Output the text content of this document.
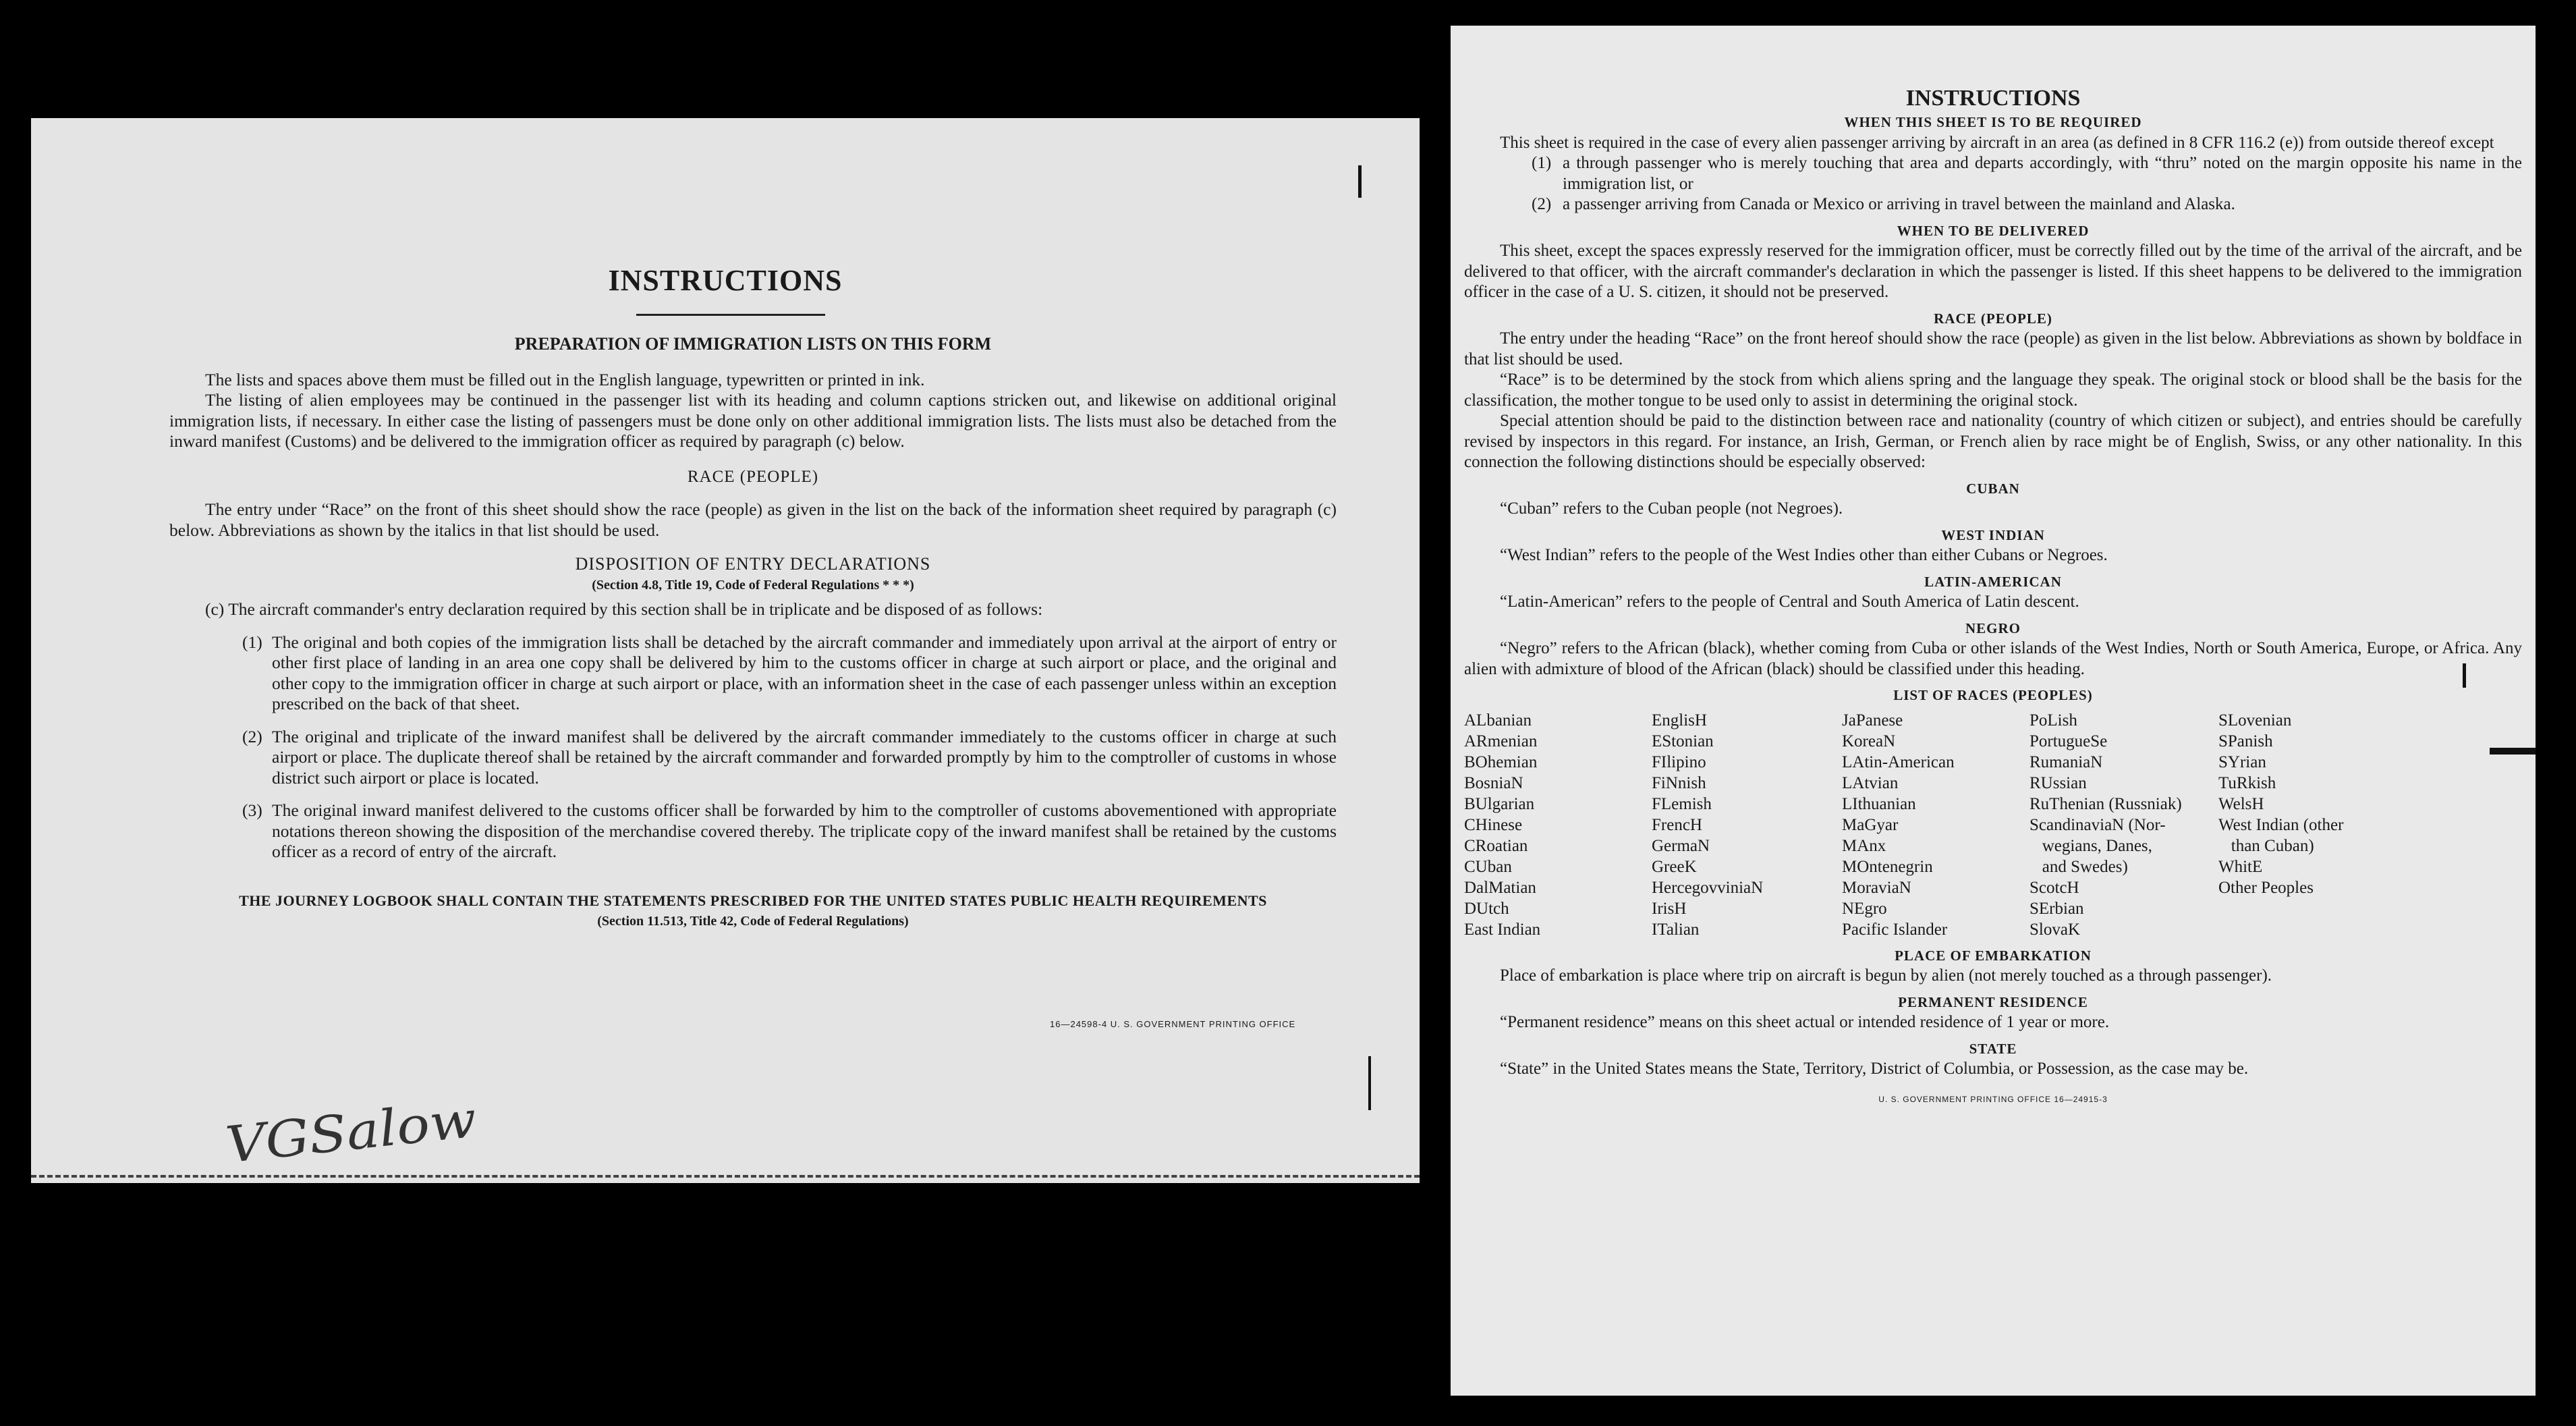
INSTRUCTIONS

PREPARATION OF IMMIGRATION LISTS ON THIS FORM

The lists and spaces above them must be filled out in the English language, typewritten or printed in ink.

The listing of alien employees may be continued in the passenger list with its heading and column captions stricken out, and likewise on additional original immigration lists, if necessary. In either case the listing of passengers must be done only on other additional immigration lists. The lists must also be detached from the inward manifest (Customs) and be delivered to the immigration officer as required by paragraph (c) below.

RACE (PEOPLE)

The entry under “Race” on the front of this sheet should show the race (people) as given in the list on the back of the information sheet required by paragraph (c) below. Abbreviations as shown by the italics in that list should be used.

DISPOSITION OF ENTRY DECLARATIONS

(Section 4.8, Title 19, Code of Federal Regulations * * *)

(c) The aircraft commander's entry declaration required by this section shall be in triplicate and be disposed of as follows:

(1) The original and both copies of the immigration lists shall be detached by the aircraft commander and immediately upon arrival at the airport of entry or other first place of landing in an area one copy shall be delivered by him to the customs officer in charge at such airport or place, and the original and other copy to the immigration officer in charge at such airport or place, with an information sheet in the case of each passenger unless within an exception prescribed on the back of that sheet.
(2) The original and triplicate of the inward manifest shall be delivered by the aircraft commander immediately to the customs officer in charge at such airport or place. The duplicate thereof shall be retained by the aircraft commander and forwarded promptly by him to the comptroller of customs in whose district such airport or place is located.
(3) The original inward manifest delivered to the customs officer shall be forwarded by him to the comptroller of customs abovementioned with appropriate notations thereon showing the disposition of the merchandise covered thereby. The triplicate copy of the inward manifest shall be retained by the customs officer as a record of entry of the aircraft.

THE JOURNEY LOGBOOK SHALL CONTAIN THE STATEMENTS PRESCRIBED FOR THE UNITED STATES PUBLIC HEALTH REQUIREMENTS

(Section 11.513, Title 42, Code of Federal Regulations)

16—24598-4 U. S. GOVERNMENT PRINTING OFFICE
VGSalow

INSTRUCTIONS

WHEN THIS SHEET IS TO BE REQUIRED

This sheet is required in the case of every alien passenger arriving by aircraft in an area (as defined in 8 CFR 116.2 (e)) from outside thereof except

(1) a through passenger who is merely touching that area and departs accordingly, with “thru” noted on the margin opposite his name in the immigration list, or
(2) a passenger arriving from Canada or Mexico or arriving in travel between the mainland and Alaska.

WHEN TO BE DELIVERED

This sheet, except the spaces expressly reserved for the immigration officer, must be correctly filled out by the time of the arrival of the aircraft, and be delivered to that officer, with the aircraft commander's declaration in which the passenger is listed. If this sheet happens to be delivered to the immigration officer in the case of a U. S. citizen, it should not be preserved.

RACE (PEOPLE)

The entry under the heading “Race” on the front hereof should show the race (people) as given in the list below. Abbreviations as shown by boldface in that list should be used.

“Race” is to be determined by the stock from which aliens spring and the language they speak. The original stock or blood shall be the basis for the classification, the mother tongue to be used only to assist in determining the original stock.

Special attention should be paid to the distinction between race and nationality (country of which citizen or subject), and entries should be carefully revised by inspectors in this regard. For instance, an Irish, German, or French alien by race might be of English, Swiss, or any other nationality. In this connection the following distinctions should be especially observed:

CUBAN

“Cuban” refers to the Cuban people (not Negroes).

WEST INDIAN

“West Indian” refers to the people of the West Indies other than either Cubans or Negroes.

LATIN-AMERICAN

“Latin-American” refers to the people of Central and South America of Latin descent.

NEGRO

“Negro” refers to the African (black), whether coming from Cuba or other islands of the West Indies, North or South America, Europe, or Africa. Any alien with admixture of blood of the African (black) should be classified under this heading.

LIST OF RACES (PEOPLES)

ALbanian
ARmenian
BOhemian
BosniaN
BUlgarian
CHinese
CRoatian
CUban
DalMatian
DUtch
East Indian
EnglisH
EStonian
FIlipino
FiNnish
FLemish
FrencH
GermaN
GreeK
HercegovviniaN
IrisH
ITalian
JaPanese
KoreaN
LAtin-American
LAtvian
LIthuanian
MaGyar
MAnx
MOntenegrin
MoraviaN
NEgro
Pacific Islander
PoLish
PortugueSe
RumaniaN
RUssian
RuThenian (Russniak)
ScandinaviaN (Nor-
wegians, Danes,
and Swedes)
ScotcH
SErbian
SlovaK
SLovenian
SPanish
SYrian
TuRkish
WelsH
West Indian (other
than Cuban)
WhitE
Other Peoples

PLACE OF EMBARKATION

Place of embarkation is place where trip on aircraft is begun by alien (not merely touched as a through passenger).

PERMANENT RESIDENCE

“Permanent residence” means on this sheet actual or intended residence of 1 year or more.

STATE

“State” in the United States means the State, Territory, District of Columbia, or Possession, as the case may be.

U. S. GOVERNMENT PRINTING OFFICE 16—24915-3
